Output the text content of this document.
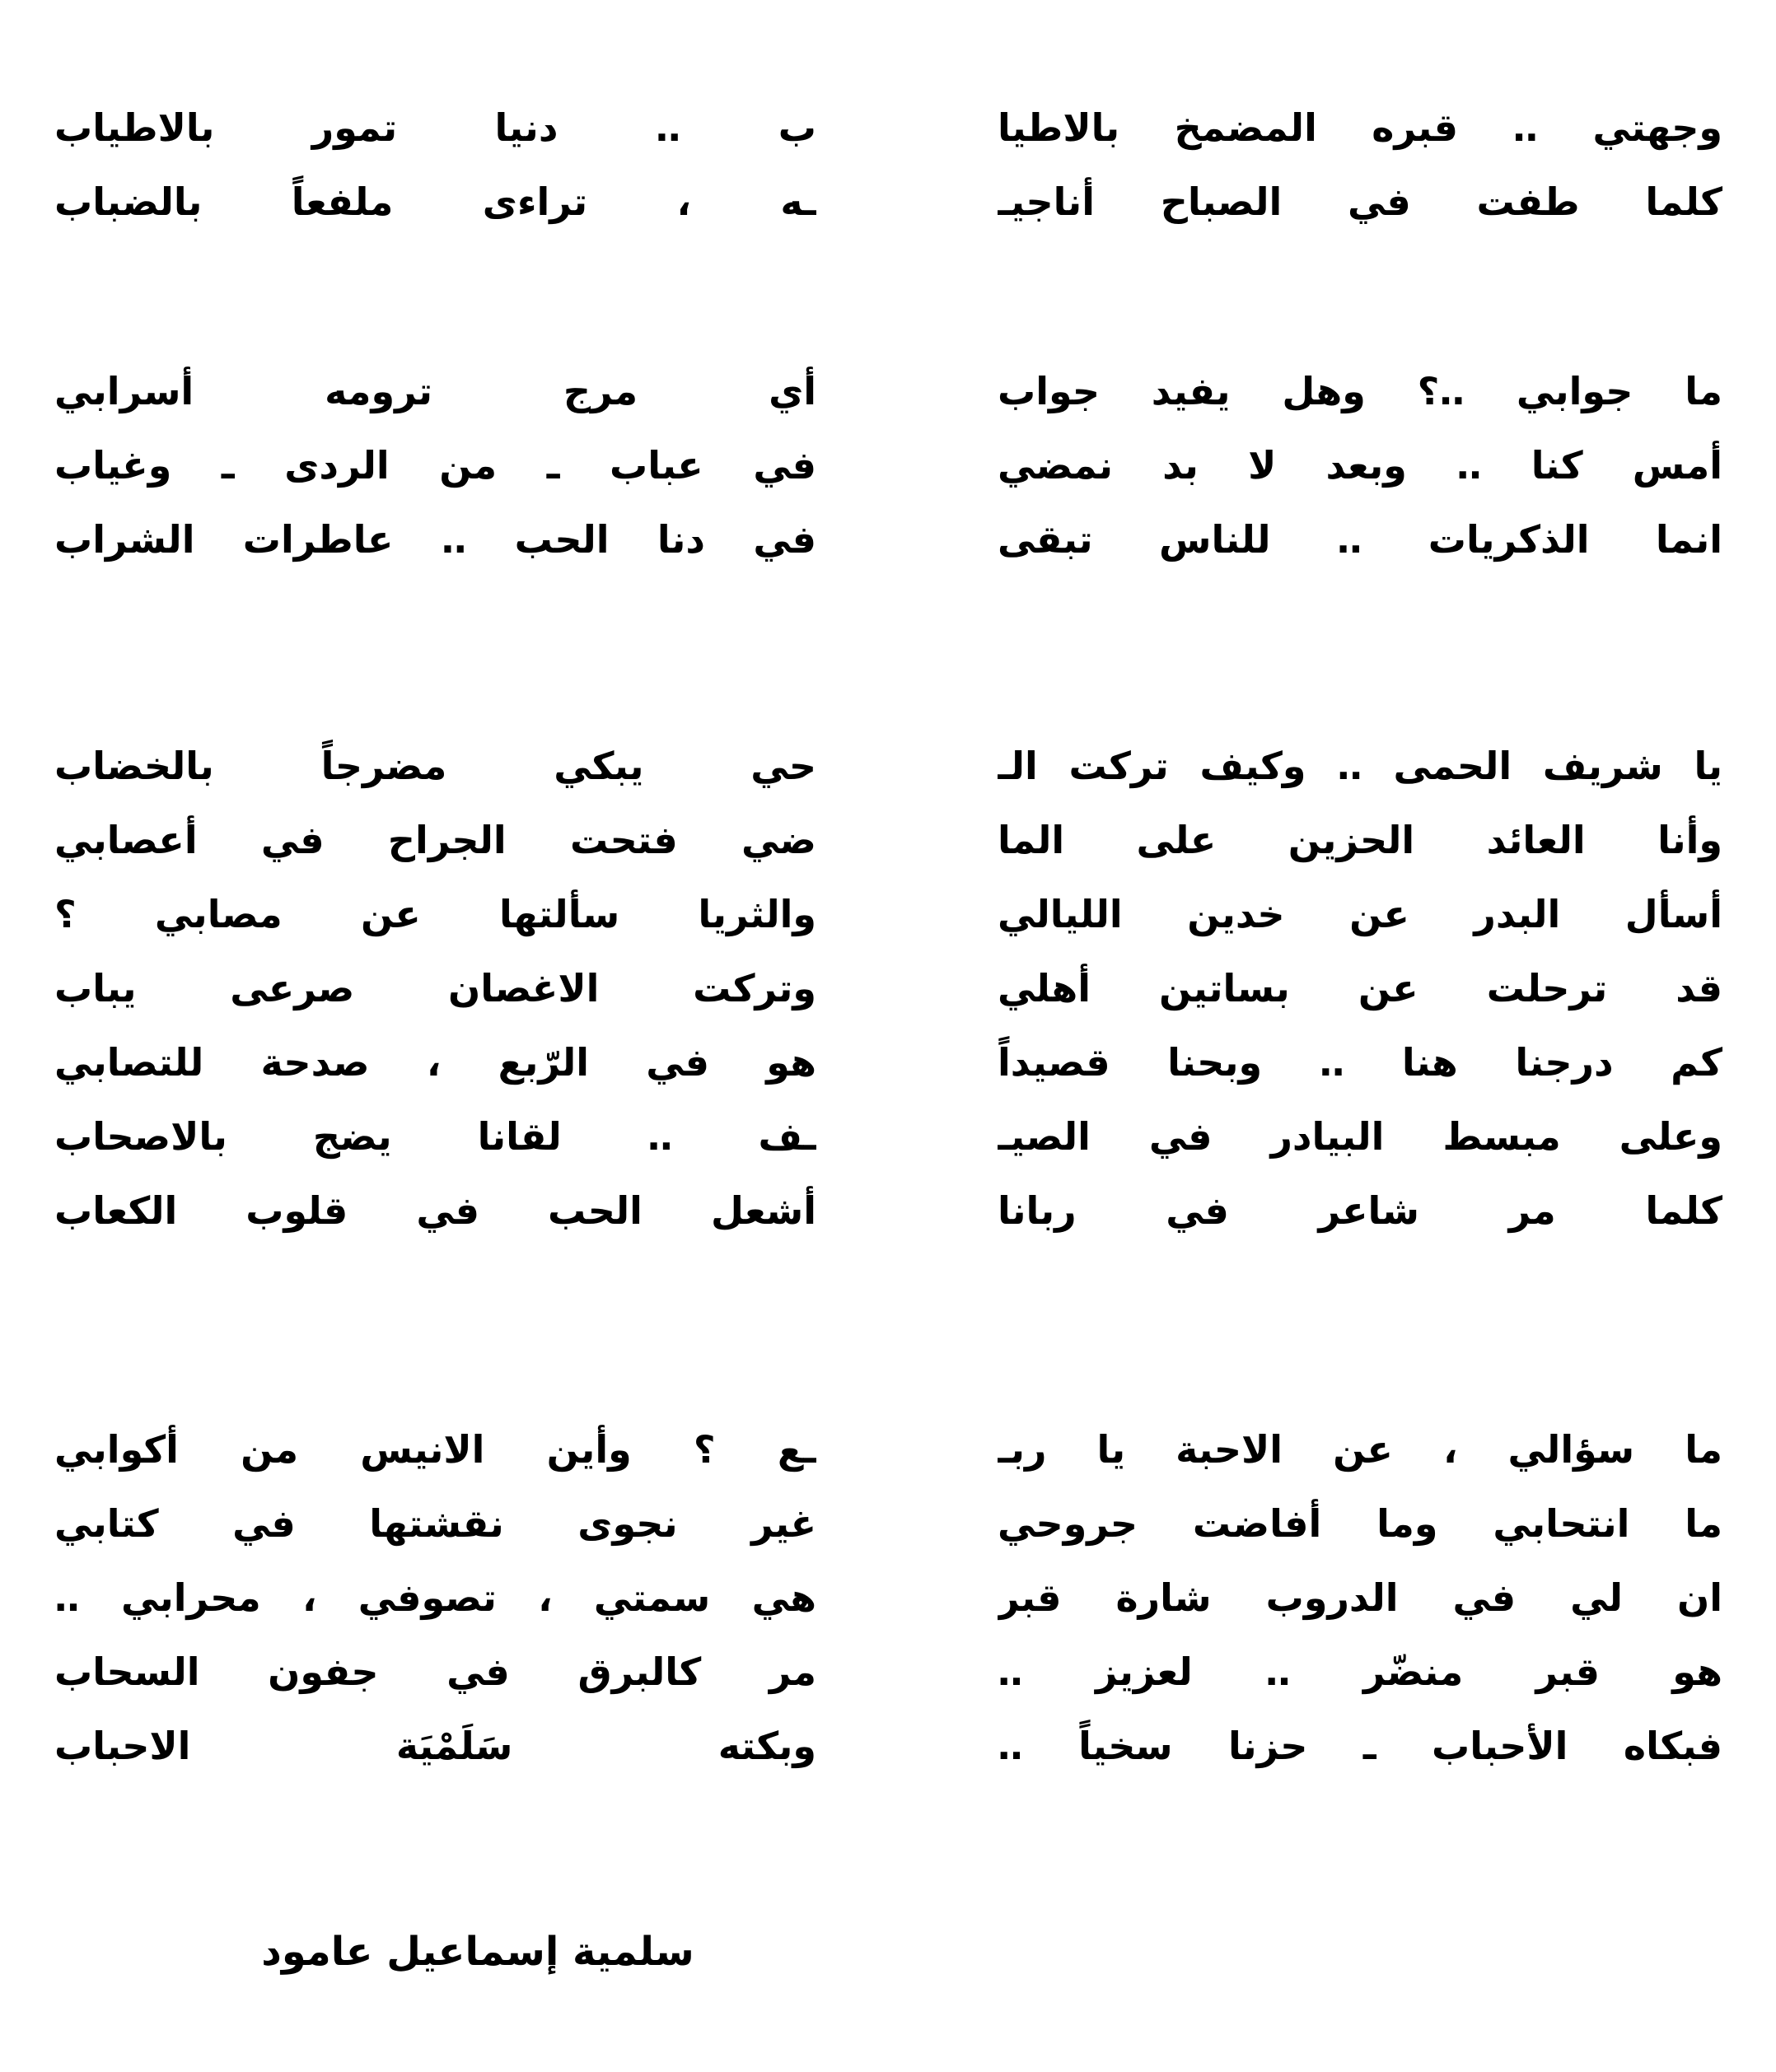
وجهتي ‥ قبره المضمخ بالاطيا
ب ‥ دنيا تمور بالاطياب
كلما طفت في الصباح أناجيـ
ـه ، تراءى ملفعاً بالضباب
ما جوابي ‥؟ وهل يفيد جواب
أي مرج ترومه أسرابي
أمس كنا ‥ وبعد لا بد نمضي
في عباب ـ من الردى ـ وغياب
انما الذكريات ‥ للناس تبقى
في دنا الحب ‥ عاطرات الشراب
يا شريف الحمى ‥ وكيف تركت الـ
حي يبكي مضرجاً بالخضاب
وأنا العائد الحزين على الما
ضي فتحت الجراح في أعصابي
أسأل البدر عن خدين الليالي
والثريا سألتها عن مصابي ؟
قد ترحلت عن بساتين أهلي
وتركت الاغصان صرعى يباب
كم درجنا هنا ‥ وبحنا قصيداً
هو في الرّبع ، صدحة للتصابي
وعلى مبسط البيادر في الصيـ
ـف ‥ لقانا يضج بالاصحاب
كلما مر شاعر في ربانا
أشعل الحب في قلوب الكعاب
ما سؤالي ، عن الاحبة يا ربـ
ـع ؟ وأين الانيس من أكوابي
ما انتحابي وما أفاضت جروحي
غير نجوى نقشتها في كتابي
ان لي في الدروب شارة قبر
هي سمتي ، تصوفي ، محرابي ‥
هو قبر منضّر ‥ لعزيز ‥
مر كالبرق في جفون السحاب
فبكاه الأحباب ـ حزنا سخياً ‥
وبكته سَلَمْيَة الاحباب
سلمية إسماعيل عامود
